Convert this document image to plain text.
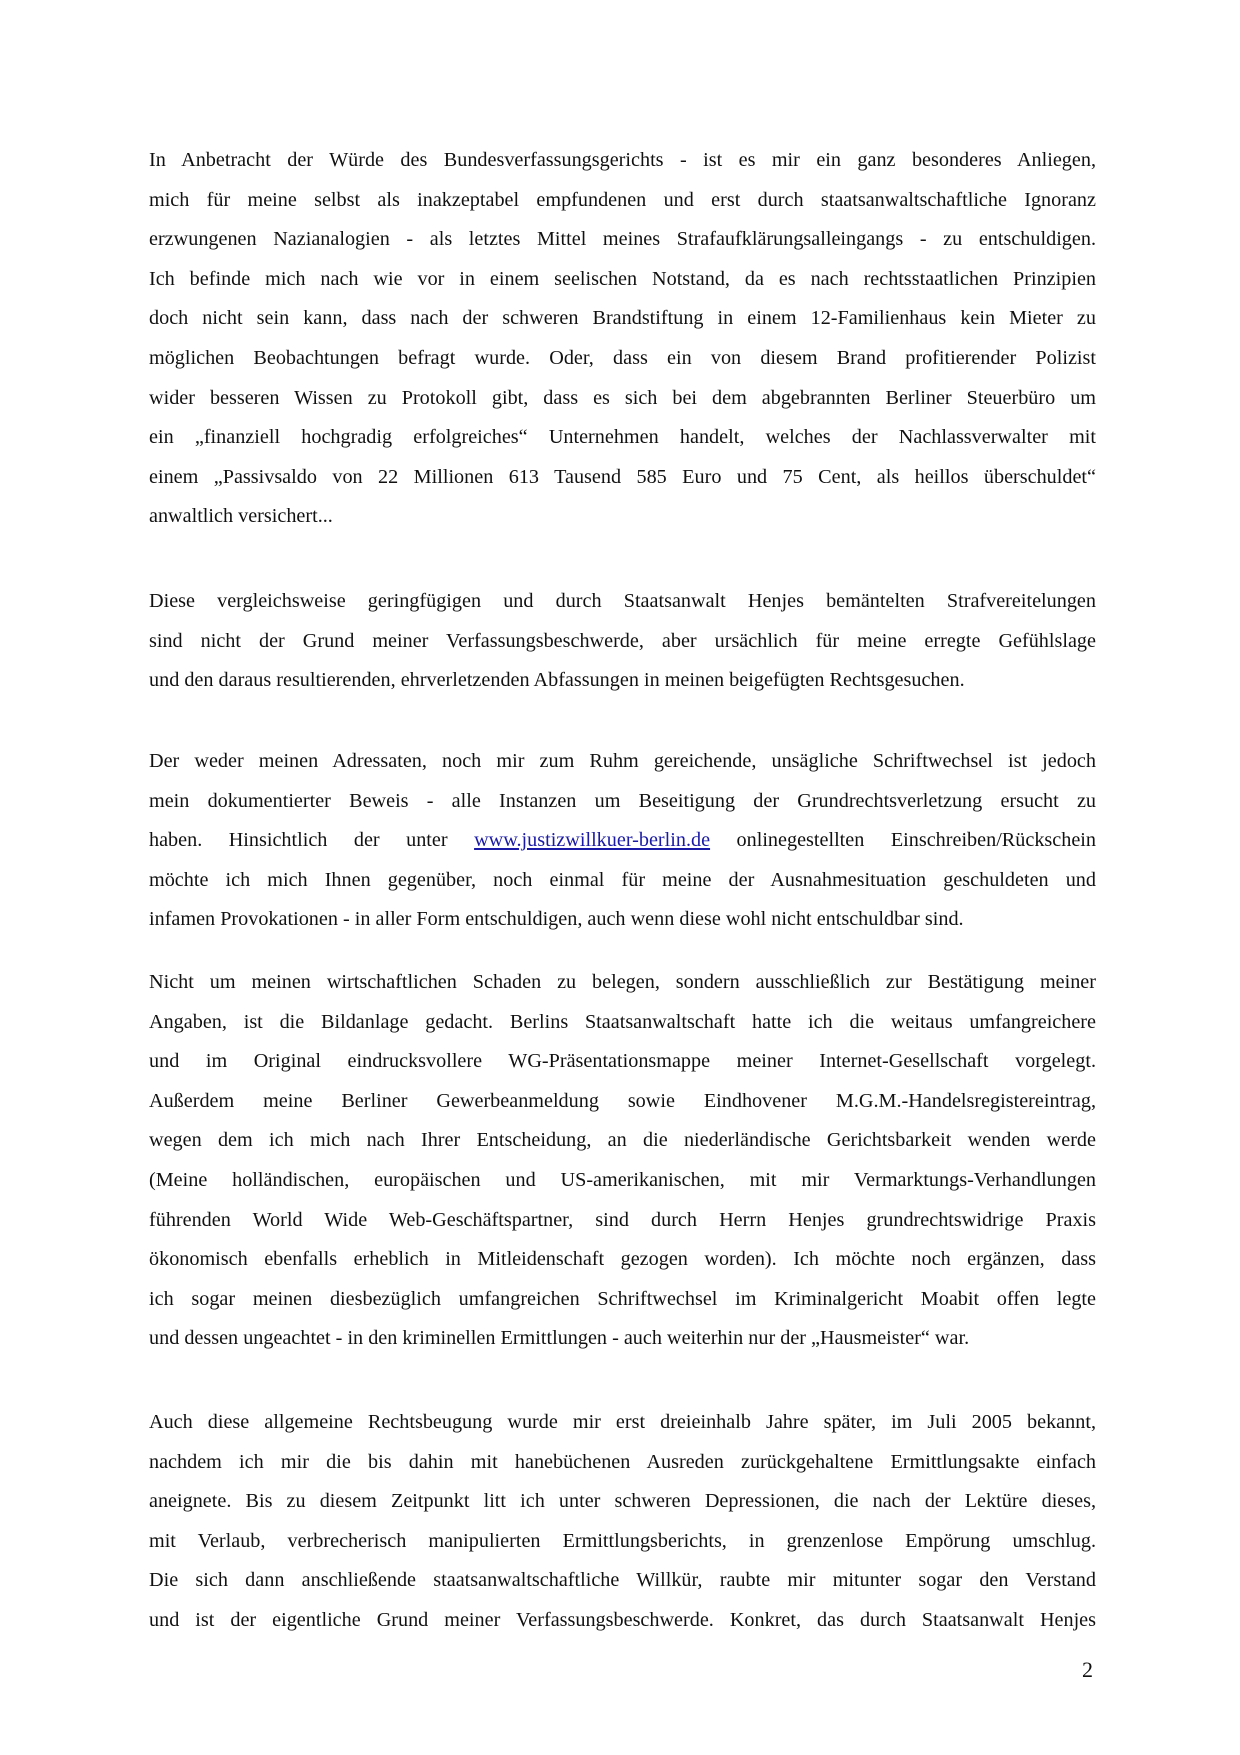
In Anbetracht der Würde des Bundesverfassungsgerichts - ist es mir ein ganz besonderes Anliegen,
mich für meine selbst als inakzeptabel empfundenen und erst durch staatsanwaltschaftliche Ignoranz
erzwungenen Nazianalogien - als letztes Mittel meines Strafaufklärungsalleingangs - zu entschuldigen.
Ich befinde mich nach wie vor in einem seelischen Notstand, da es nach rechtsstaatlichen Prinzipien
doch nicht sein kann, dass nach der schweren Brandstiftung in einem 12-Familienhaus kein Mieter zu
möglichen Beobachtungen befragt wurde. Oder, dass ein von diesem Brand profitierender Polizist
wider besseren Wissen zu Protokoll gibt, dass es sich bei dem abgebrannten Berliner Steuerbüro um
ein „finanziell hochgradig erfolgreiches“ Unternehmen handelt, welches der Nachlassverwalter mit
einem „Passivsaldo von 22 Millionen 613 Tausend 585 Euro und 75 Cent, als heillos überschuldet“
anwaltlich versichert...
Diese vergleichsweise geringfügigen und durch Staatsanwalt Henjes bemäntelten Strafvereitelungen
sind nicht der Grund meiner Verfassungsbeschwerde, aber ursächlich für meine erregte Gefühlslage
und den daraus resultierenden, ehrverletzenden Abfassungen in meinen beigefügten Rechtsgesuchen.
Der weder meinen Adressaten, noch mir zum Ruhm gereichende, unsägliche Schriftwechsel ist jedoch
mein dokumentierter Beweis - alle Instanzen um Beseitigung der Grundrechtsverletzung ersucht zu
haben. Hinsichtlich der unter www.justizwillkuer-berlin.de onlinegestellten Einschreiben/Rückschein
möchte ich mich Ihnen gegenüber, noch einmal für meine der Ausnahmesituation geschuldeten und
infamen Provokationen - in aller Form entschuldigen, auch wenn diese wohl nicht entschuldbar sind.
Nicht um meinen wirtschaftlichen Schaden zu belegen, sondern ausschließlich zur Bestätigung meiner
Angaben, ist die Bildanlage gedacht. Berlins Staatsanwaltschaft hatte ich die weitaus umfangreichere
und im Original eindrucksvollere WG-Präsentationsmappe meiner Internet-Gesellschaft vorgelegt.
Außerdem meine Berliner Gewerbeanmeldung sowie Eindhovener M.G.M.-Handelsregistereintrag,
wegen dem ich mich nach Ihrer Entscheidung, an die niederländische Gerichtsbarkeit wenden werde
(Meine holländischen, europäischen und US-amerikanischen, mit mir Vermarktungs-Verhandlungen
führenden World Wide Web-Geschäftspartner, sind durch Herrn Henjes grundrechtswidrige Praxis
ökonomisch ebenfalls erheblich in Mitleidenschaft gezogen worden). Ich möchte noch ergänzen, dass
ich sogar meinen diesbezüglich umfangreichen Schriftwechsel im Kriminalgericht Moabit offen legte
und dessen ungeachtet - in den kriminellen Ermittlungen - auch weiterhin nur der „Hausmeister“ war.
Auch diese allgemeine Rechtsbeugung wurde mir erst dreieinhalb Jahre später, im Juli 2005 bekannt,
nachdem ich mir die bis dahin mit hanebüchenen Ausreden zurückgehaltene Ermittlungsakte einfach
aneignete. Bis zu diesem Zeitpunkt litt ich unter schweren Depressionen, die nach der Lektüre dieses,
mit Verlaub, verbrecherisch manipulierten Ermittlungsberichts, in grenzenlose Empörung umschlug.
Die sich dann anschließende staatsanwaltschaftliche Willkür, raubte mir mitunter sogar den Verstand
und ist der eigentliche Grund meiner Verfassungsbeschwerde. Konkret, das durch Staatsanwalt Henjes
2
